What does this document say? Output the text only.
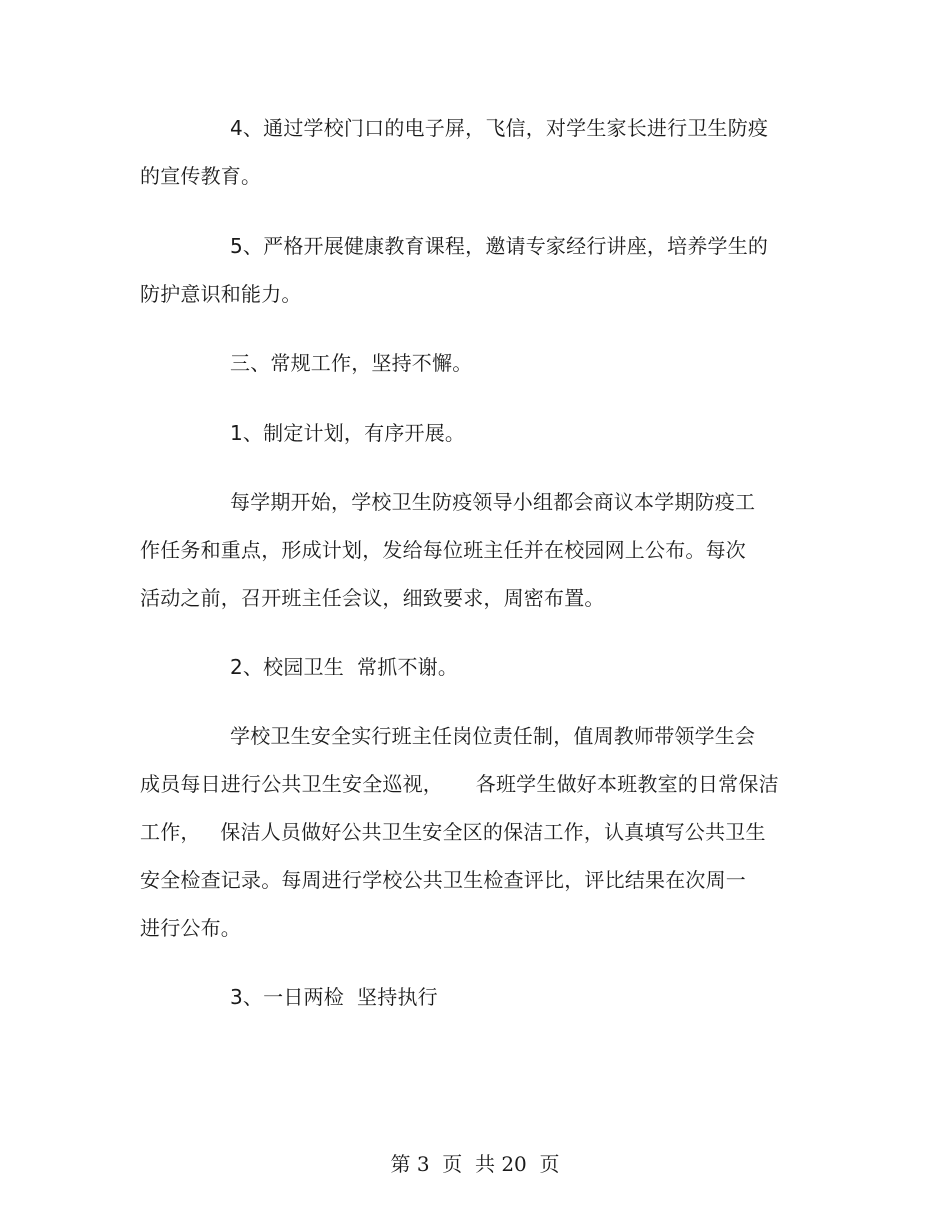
4、通过学校门口的电子屏，飞信，对学生家长进行卫生防疫
的宣传教育。
5、严格开展健康教育课程，邀请专家经行讲座，培养学生的
防护意识和能力。
三、常规工作，坚持不懈。
1、制定计划，有序开展。
每学期开始，学校卫生防疫领导小组都会商议本学期防疫工
作任务和重点，形成计划，发给每位班主任并在校园网上公布。每次
活动之前，召开班主任会议，细致要求，周密布置。
2、校园卫生  常抓不谢。
学校卫生安全实行班主任岗位责任制，值周教师带领学生会
成员每日进行公共卫生安全巡视，     各班学生做好本班教室的日常保洁
工作，   保洁人员做好公共卫生安全区的保洁工作，认真填写公共卫生
安全检查记录。每周进行学校公共卫生检查评比，评比结果在次周一
进行公布。
3、一日两检  坚持执行
第 3  页  共 20  页
